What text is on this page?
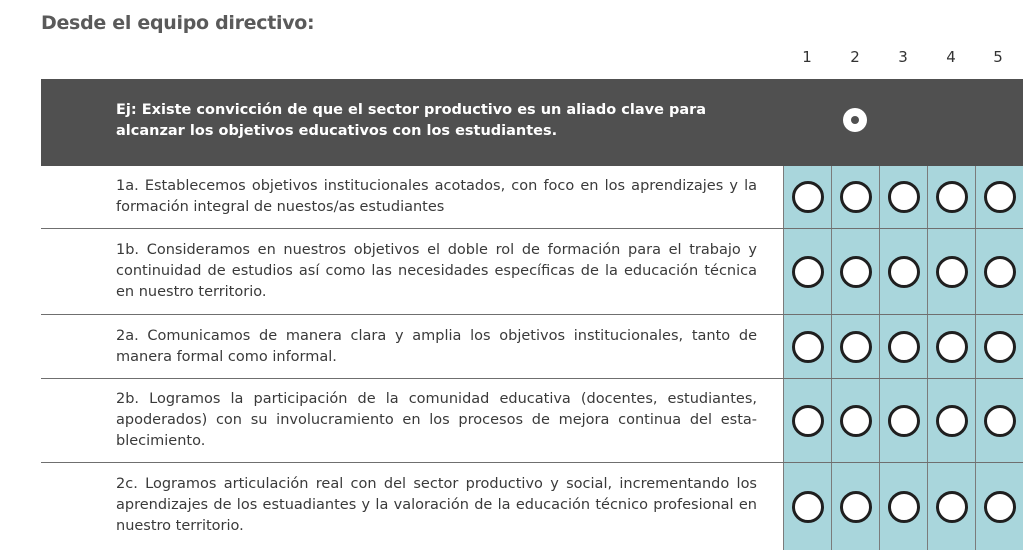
Desde el equipo directivo:
1	2	3	4	5
Ej: Existe convicción de que el sector productivo es un aliado clave para alcanzar los objetivos educativos con los estudiantes.
1a. Establecemos objetivos institucionales acotados, con foco en los aprendizajes y la formación integral de nuestos/as estudiantes
1b. Consideramos en nuestros objetivos el doble rol de formación para el trabajo y continuidad de estudios así como las necesidades específicas de la educación técnica en nuestro territorio.
2a. Comunicamos de manera clara y amplia los objetivos institucionales, tanto de manera formal como informal.
2b. Logramos la participación de la comunidad educativa (docentes, estudiantes, apoderados) con su involucramiento en los procesos de mejora continua del establecimiento.
2c. Logramos articulación real con del sector productivo y social, incrementando los aprendizajes de los estuadiantes y la valoración de la educación técnico profesional en nuestro territorio.
